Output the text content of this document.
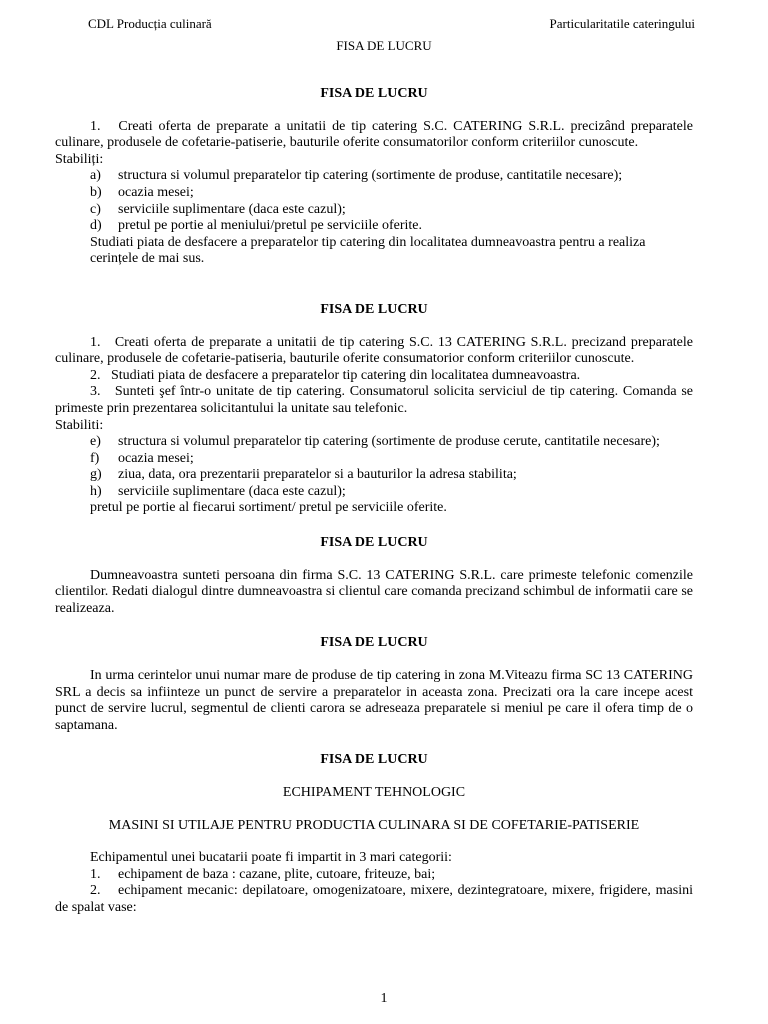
CDL Producția culinară	Particularitatile cateringului
FISA DE LUCRU

FISA DE LUCRU

1.   Creati oferta de preparate a unitatii de tip catering S.C. CATERING S.R.L. precizând preparatele culinare, produsele de cofetarie-patiserie, bauturile oferite consumatorilor conform criteriilor cunoscute.

Stabiliți:

a) structura si volumul preparatelor tip catering (sortimente de produse, cantitatile necesare);

b) ocazia mesei;

c) serviciile suplimentare (daca este cazul);

d) pretul pe portie al meniului/pretul pe serviciile oferite.

Studiati piata de desfacere a preparatelor tip catering din localitatea dumneavoastra pentru a realiza cerințele de mai sus.

FISA DE LUCRU

1.   Creati oferta de preparate a unitatii de tip catering S.C. 13 CATERING S.R.L. precizand preparatele culinare, produsele de cofetarie-patiseria, bauturile oferite consumatorior conform criteriilor cunoscute.

2.   Studiati piata de desfacere a preparatelor tip catering din localitatea dumneavoastra.

3.   Sunteti şef într-o unitate de tip catering. Consumatorul solicita serviciul de tip catering. Comanda se primeste prin prezentarea solicitantului la unitate sau telefonic.

Stabiliti:

e) structura si volumul preparatelor tip catering (sortimente de produse cerute, cantitatile necesare);

f) ocazia mesei;

g) ziua, data, ora prezentarii preparatelor si a bauturilor la adresa stabilita;

h) serviciile suplimentare (daca este cazul);

pretul pe portie al fiecarui sortiment/ pretul pe serviciile oferite.

FISA DE LUCRU

Dumneavoastra sunteti persoana din firma S.C. 13 CATERING S.R.L. care primeste telefonic comenzile clientilor. Redati dialogul dintre dumneavoastra si clientul care comanda precizand schimbul de informatii care se realizeaza.

FISA DE LUCRU

In urma cerintelor unui numar mare de produse de tip catering in zona M.Viteazu firma SC 13 CATERING SRL a decis sa infiinteze un punct de servire a preparatelor in aceasta zona. Precizati ora la care incepe acest punct de servire lucrul, segmentul de clienti carora se adreseaza preparatele si meniul pe care il ofera timp de o saptamana.

FISA DE LUCRU

ECHIPAMENT TEHNOLOGIC

MASINI SI UTILAJE PENTRU PRODUCTIA CULINARA SI DE COFETARIE-PATISERIE

Echipamentul unei bucatarii poate fi impartit in 3 mari categorii:

1. echipament de baza : cazane, plite, cutoare, friteuze, bai;

2. echipament mecanic: depilatoare, omogenizatoare, mixere, dezintegratoare, mixere, frigidere, masini de spalat vase:

1
